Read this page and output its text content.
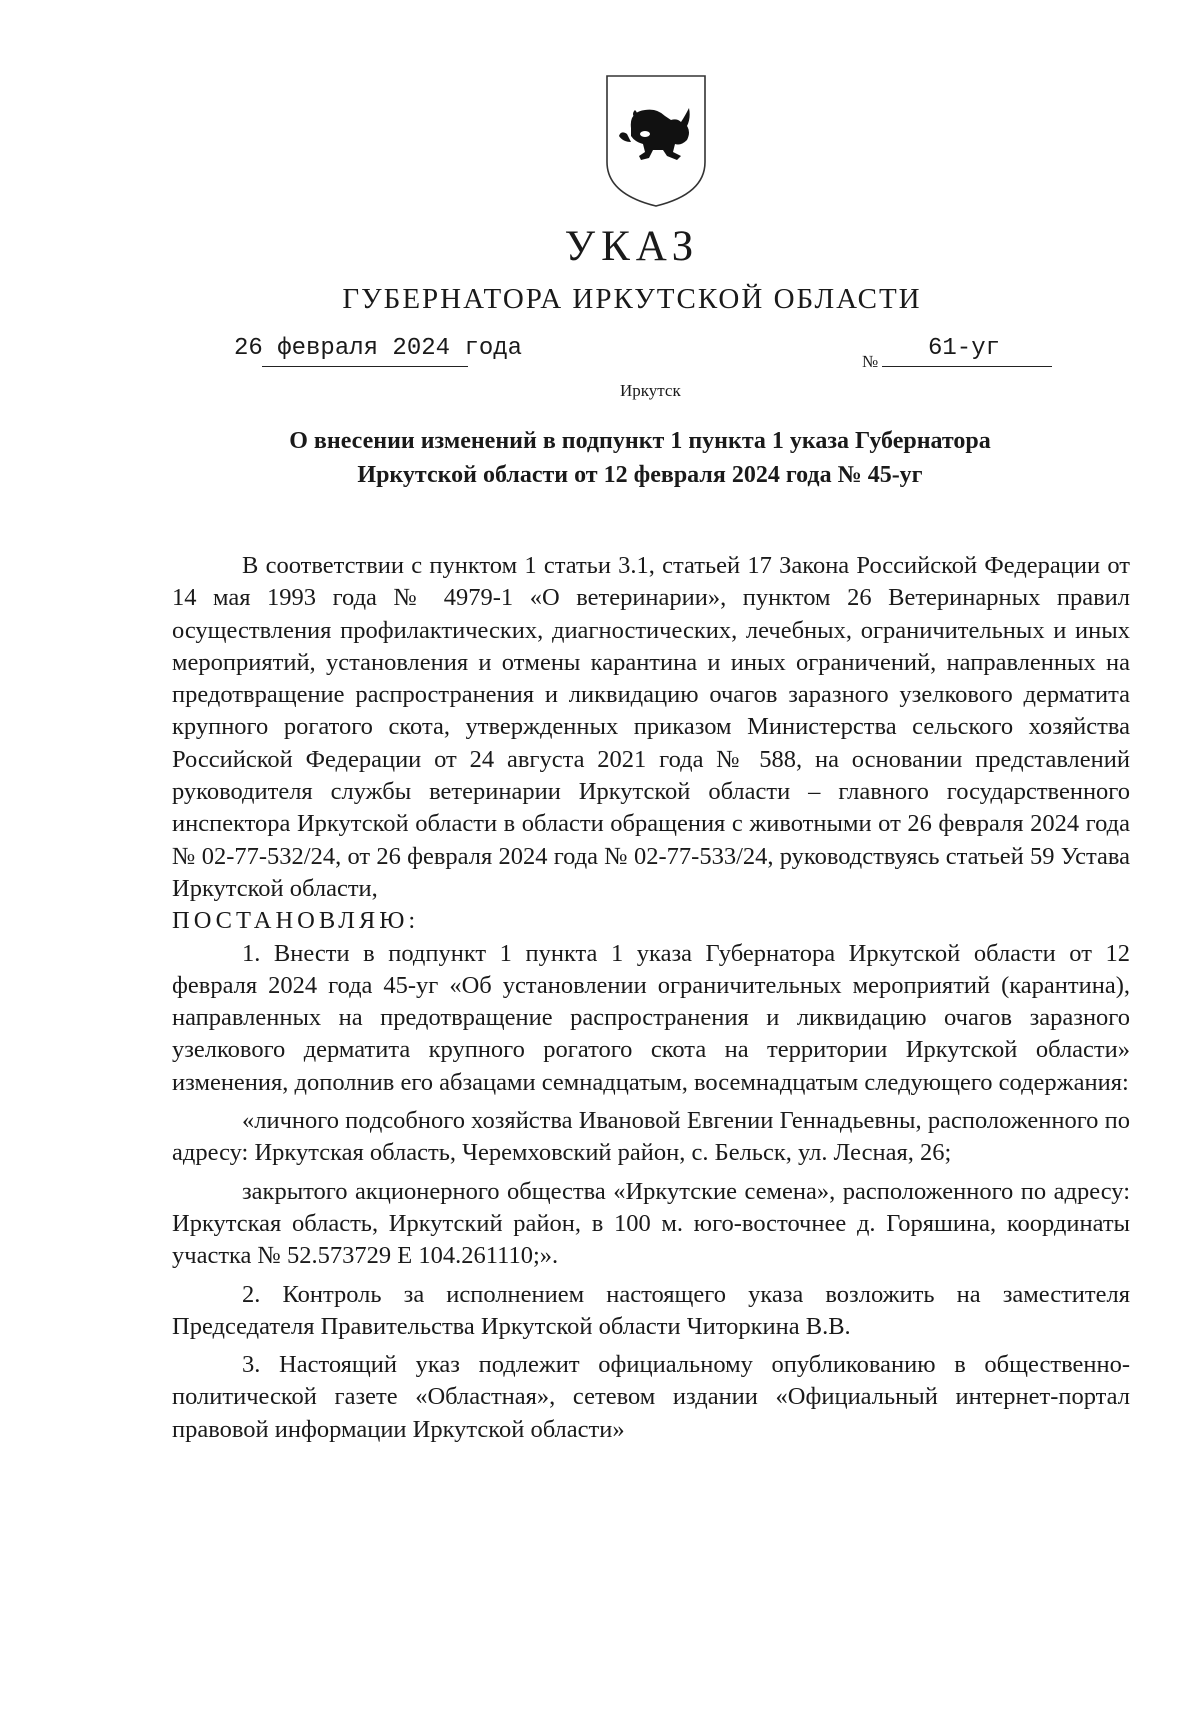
УКАЗ
ГУБЕРНАТОРА ИРКУТСКОЙ ОБЛАСТИ
26 февраля 2024 года	№ 61-уг
Иркутск
О внесении изменений в подпункт 1 пункта 1 указа Губернатора
Иркутской области от 12 февраля 2024 года № 45-уг

В соответствии с пунктом 1 статьи 3.1, статьей 17 Закона Российской Федерации от 14 мая 1993 года № 4979-1 «О ветеринарии», пунктом 26 Ветеринарных правил осуществления профилактических, диагностических, лечебных, ограничительных и иных мероприятий, установления и отмены карантина и иных ограничений, направленных на предотвращение распространения и ликвидацию очагов заразного узелкового дерматита крупного рогатого скота, утвержденных приказом Министерства сельского хозяйства Российской Федерации от 24 августа 2021 года № 588, на основании представлений руководителя службы ветеринарии Иркутской области – главного государственного инспектора Иркутской области в области обращения с животными от 26 февраля 2024 года № 02-77-532/24, от 26 февраля 2024 года № 02-77-533/24, руководствуясь статьей 59 Устава Иркутской области,

ПОСТАНОВЛЯЮ:

1. Внести в подпункт 1 пункта 1 указа Губернатора Иркутской области от 12 февраля 2024 года 45-уг «Об установлении ограничительных мероприятий (карантина), направленных на предотвращение распространения и ликвидацию очагов заразного узелкового дерматита крупного рогатого скота на территории Иркутской области» изменения, дополнив его абзацами семнадцатым, восемнадцатым следующего содержания:

«личного подсобного хозяйства Ивановой Евгении Геннадьевны, расположенного по адресу: Иркутская область, Черемховский район, с. Бельск, ул. Лесная, 26;

закрытого акционерного общества «Иркутские семена», расположенного по адресу: Иркутская область, Иркутский район, в 100 м. юго-восточнее д. Горяшина, координаты участка № 52.573729 Е 104.261110;».

2. Контроль за исполнением настоящего указа возложить на заместителя Председателя Правительства Иркутской области Читоркина В.В.

3. Настоящий указ подлежит официальному опубликованию в общественно-политической газете «Областная», сетевом издании «Официальный интернет-портал правовой информации Иркутской области»
